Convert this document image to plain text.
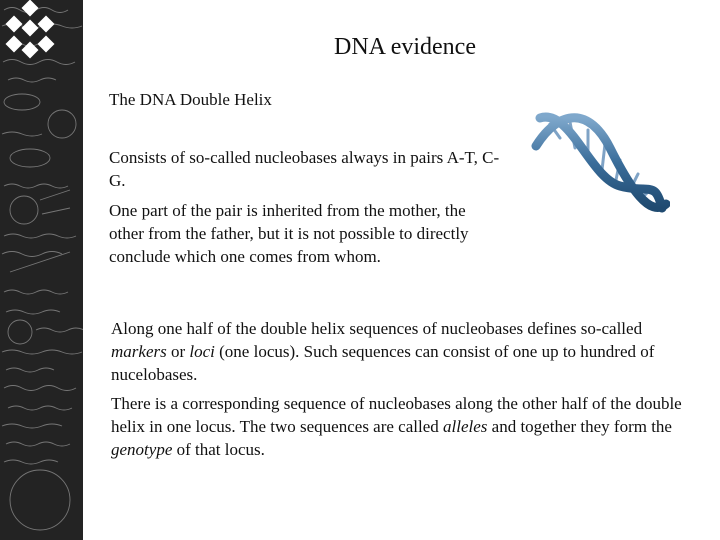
DNA evidence
The DNA Double Helix
Consists of so-called nucleobases always in pairs A-T, C-G.
One part of the pair is inherited from the mother, the other from the father, but it is not possible to directly conclude which one comes from whom.
Along one half of the double helix sequences of nucleobases defines so-called markers or loci (one locus). Such sequences can consist of one up to hundred of nucelobases.
There is a corresponding sequence of nucleobases along the other half of the double helix in one locus. The two sequences are called alleles and together they form the genotype of that locus.
